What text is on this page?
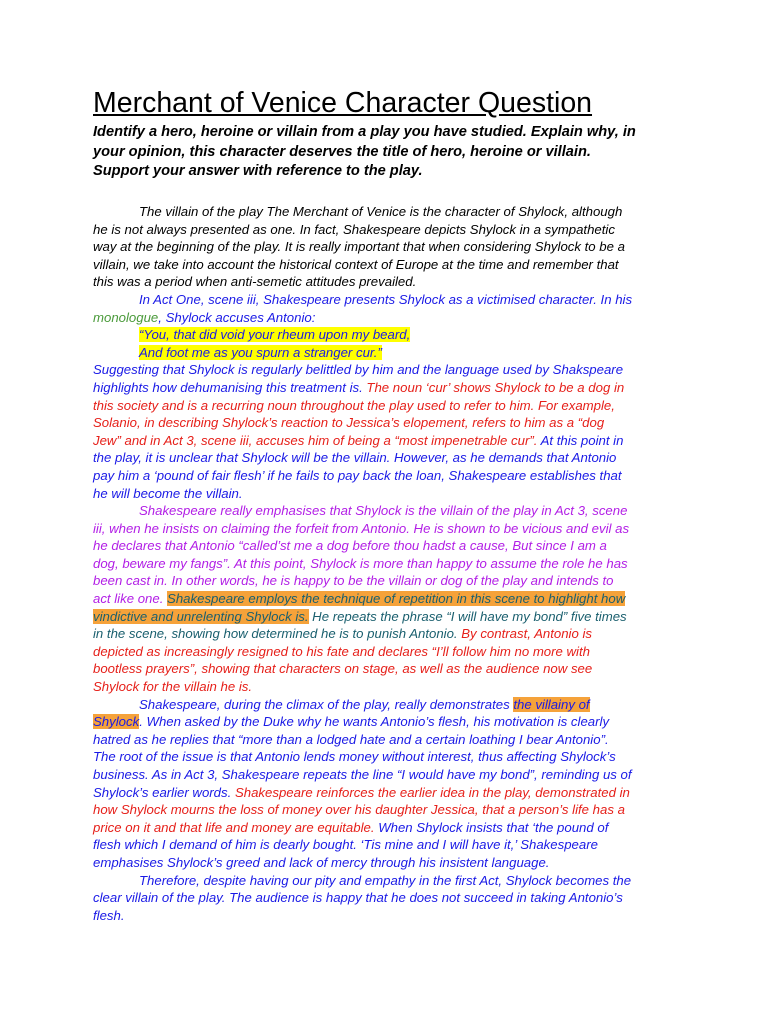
Merchant of Venice Character Question
Identify a hero, heroine or villain from a play you have studied. Explain why, in
your opinion, this character deserves the title of hero, heroine or villain.
Support your answer with reference to the play.
The villain of the play The Merchant of Venice is the character of Shylock, although
he is not always presented as one. In fact, Shakespeare depicts Shylock in a sympathetic
way at the beginning of the play. It is really important that when considering Shylock to be a
villain, we take into account the historical context of Europe at the time and remember that
this was a period when anti-semetic attitudes prevailed.
In Act One, scene iii, Shakespeare presents Shylock as a victimised character. In his
monologue, Shylock accuses Antonio:
“You, that did void your rheum upon my beard,
And foot me as you spurn a stranger cur.”
Suggesting that Shylock is regularly belittled by him and the language used by Shakspeare
highlights how dehumanising this treatment is. The noun ‘cur’ shows Shylock to be a dog in
this society and is a recurring noun throughout the play used to refer to him. For example,
Solanio, in describing Shylock’s reaction to Jessica’s elopement, refers to him as a “dog
Jew” and in Act 3, scene iii, accuses him of being a “most impenetrable cur”. At this point in
the play, it is unclear that Shylock will be the villain. However, as he demands that Antonio
pay him a ‘pound of fair flesh’ if he fails to pay back the loan, Shakespeare establishes that
he will become the villain.
Shakespeare really emphasises that Shylock is the villain of the play in Act 3, scene
iii, when he insists on claiming the forfeit from Antonio. He is shown to be vicious and evil as
he declares that Antonio “called’st me a dog before thou hadst a cause, But since I am a
dog, beware my fangs”. At this point, Shylock is more than happy to assume the role he has
been cast in. In other words, he is happy to be the villain or dog of the play and intends to
act like one. Shakespeare employs the technique of repetition in this scene to highlight how
vindictive and unrelenting Shylock is. He repeats the phrase “I will have my bond” five times
in the scene, showing how determined he is to punish Antonio. By contrast, Antonio is
depicted as increasingly resigned to his fate and declares “I’ll follow him no more with
bootless prayers”, showing that characters on stage, as well as the audience now see
Shylock for the villain he is.
Shakespeare, during the climax of the play, really demonstrates the villainy of
Shylock. When asked by the Duke why he wants Antonio’s flesh, his motivation is clearly
hatred as he replies that “more than a lodged hate and a certain loathing I bear Antonio”.
The root of the issue is that Antonio lends money without interest, thus affecting Shylock’s
business. As in Act 3, Shakespeare repeats the line “I would have my bond”, reminding us of
Shylock’s earlier words. Shakespeare reinforces the earlier idea in the play, demonstrated in
how Shylock mourns the loss of money over his daughter Jessica, that a person’s life has a
price on it and that life and money are equitable. When Shylock insists that ‘the pound of
flesh which I demand of him is dearly bought. ‘Tis mine and I will have it,’ Shakespeare
emphasises Shylock’s greed and lack of mercy through his insistent language.
Therefore, despite having our pity and empathy in the first Act, Shylock becomes the
clear villain of the play. The audience is happy that he does not succeed in taking Antonio’s
flesh.
